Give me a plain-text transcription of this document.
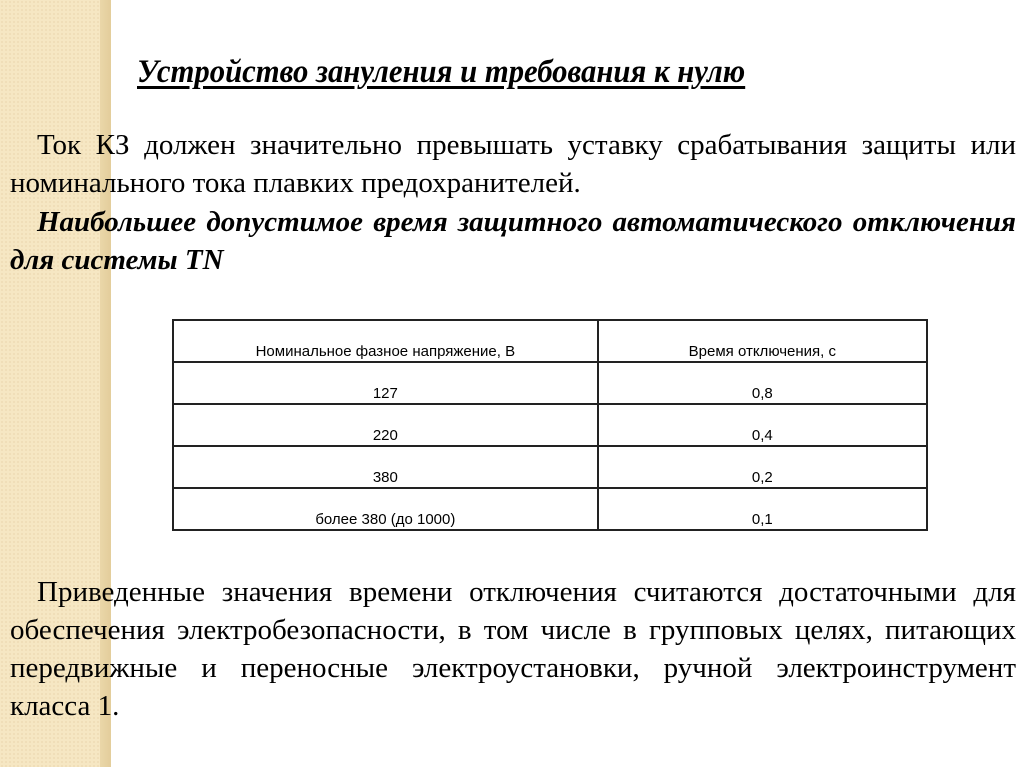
Устройство зануления и требования к нулю

Ток КЗ должен значительно превышать уставку срабатывания защиты или номинального тока плавких предохранителей.

Наибольшее допустимое время защитного автоматического отключения для системы TN

Номинальное фазное напряжение, В	Время отключения, с
127	0,8
220	0,4
380	0,2
более 380 (до 1000)	0,1

Приведенные значения времени отключения считаются достаточными для обеспечения электробезопасности, в том числе в групповых целях, питающих передвижные и переносные электроустановки, ручной электроинструмент класса 1.
